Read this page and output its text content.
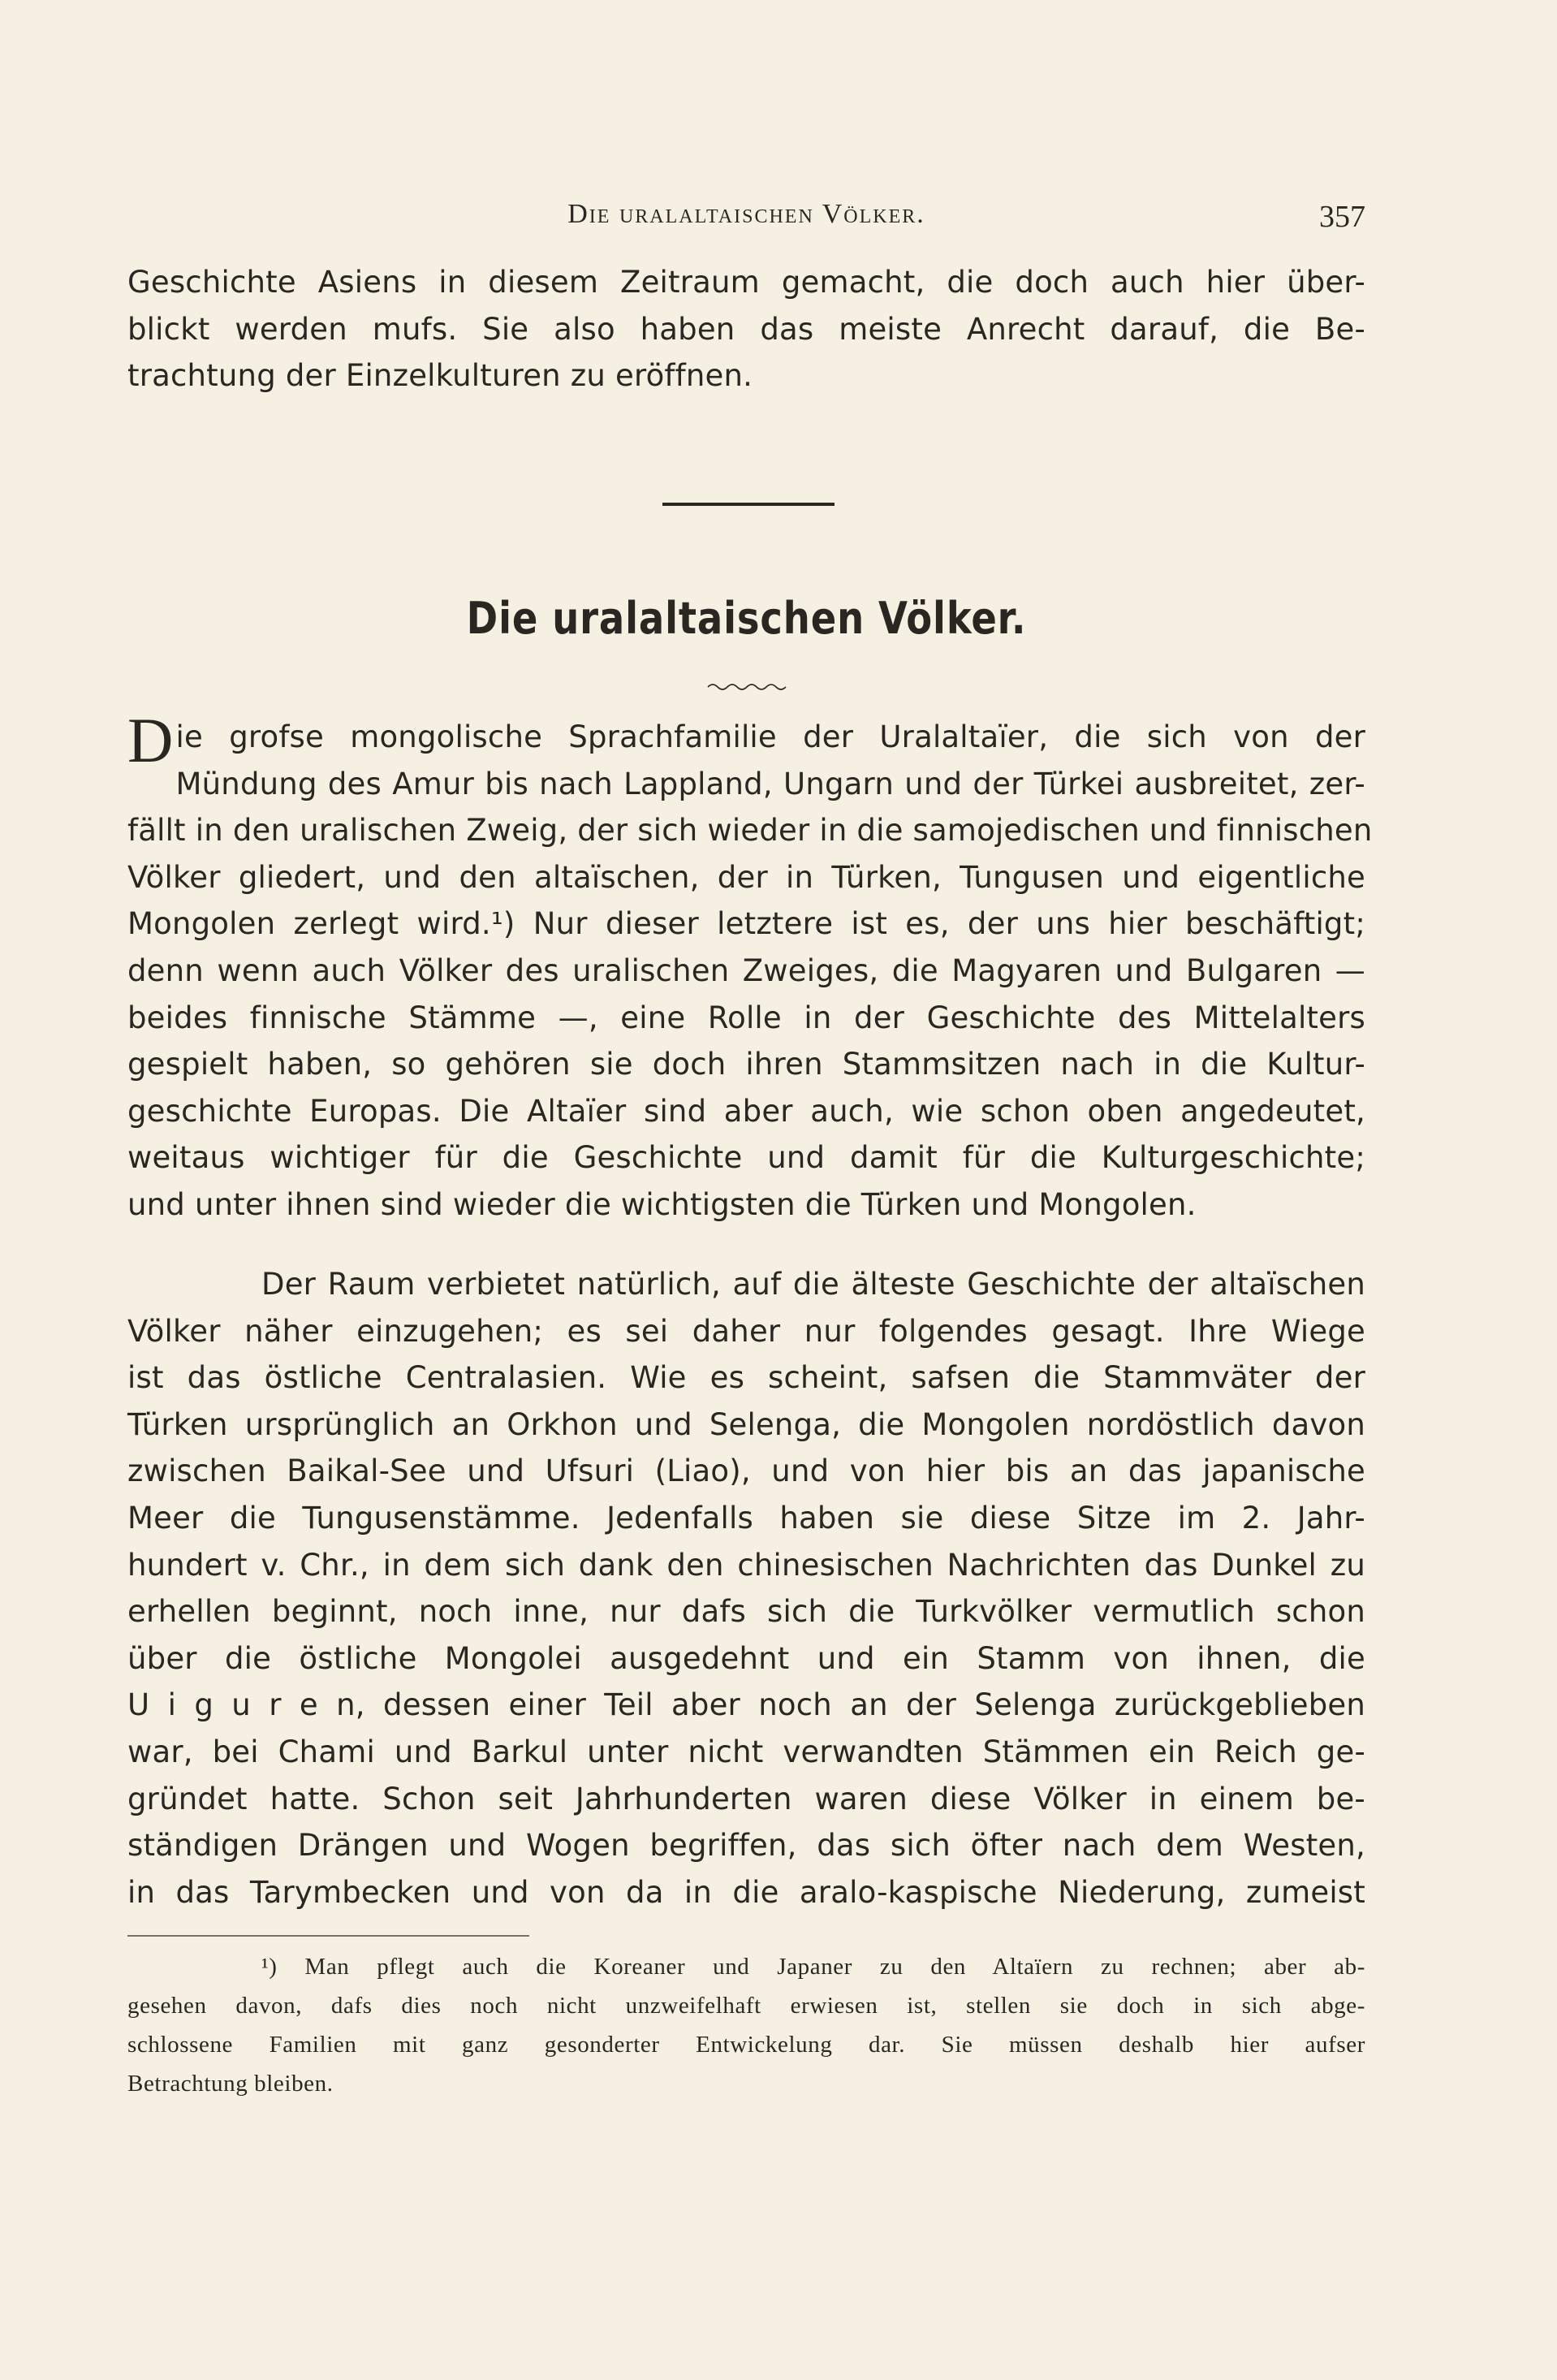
Die uralaltaischen Völker.	357
Geschichte Asiens in diesem Zeitraum gemacht, die doch auch hier über-
blickt werden mufs. Sie also haben das meiste Anrecht darauf, die Be-
trachtung der Einzelkulturen zu eröffnen.
Die uralaltaischen Völker.
D ie grofse mongolische Sprachfamilie der Uralaltaïer, die sich von der
Mündung des Amur bis nach Lappland, Ungarn und der Türkei ausbreitet, zer-
fällt in den uralischen Zweig, der sich wieder in die samojedischen und finnischen
Völker gliedert, und den altaïschen, der in Türken, Tungusen und eigentliche
Mongolen zerlegt wird.¹) Nur dieser letztere ist es, der uns hier beschäftigt;
denn wenn auch Völker des uralischen Zweiges, die Magyaren und Bulgaren —
beides finnische Stämme —, eine Rolle in der Geschichte des Mittelalters
gespielt haben, so gehören sie doch ihren Stammsitzen nach in die Kultur-
geschichte Europas. Die Altaïer sind aber auch, wie schon oben angedeutet,
weitaus wichtiger für die Geschichte und damit für die Kulturgeschichte;
und unter ihnen sind wieder die wichtigsten die Türken und Mongolen.
Der Raum verbietet natürlich, auf die älteste Geschichte der altaïschen
Völker näher einzugehen; es sei daher nur folgendes gesagt. Ihre Wiege
ist das östliche Centralasien. Wie es scheint, safsen die Stammväter der
Türken ursprünglich an Orkhon und Selenga, die Mongolen nordöstlich davon
zwischen Baikal-See und Ufsuri (Liao), und von hier bis an das japanische
Meer die Tungusenstämme. Jedenfalls haben sie diese Sitze im 2. Jahr-
hundert v. Chr., in dem sich dank den chinesischen Nachrichten das Dunkel zu
erhellen beginnt, noch inne, nur dafs sich die Turkvölker vermutlich schon
über die östliche Mongolei ausgedehnt und ein Stamm von ihnen, die
U i g u r e n, dessen einer Teil aber noch an der Selenga zurückgeblieben
war, bei Chami und Barkul unter nicht verwandten Stämmen ein Reich ge-
gründet hatte. Schon seit Jahrhunderten waren diese Völker in einem be-
ständigen Drängen und Wogen begriffen, das sich öfter nach dem Westen,
in das Tarymbecken und von da in die aralo-kaspische Niederung, zumeist
¹) Man pflegt auch die Koreaner und Japaner zu den Altaïern zu rechnen; aber ab-
gesehen davon, dafs dies noch nicht unzweifelhaft erwiesen ist, stellen sie doch in sich abge-
schlossene Familien mit ganz gesonderter Entwickelung dar. Sie müssen deshalb hier aufser
Betrachtung bleiben.
